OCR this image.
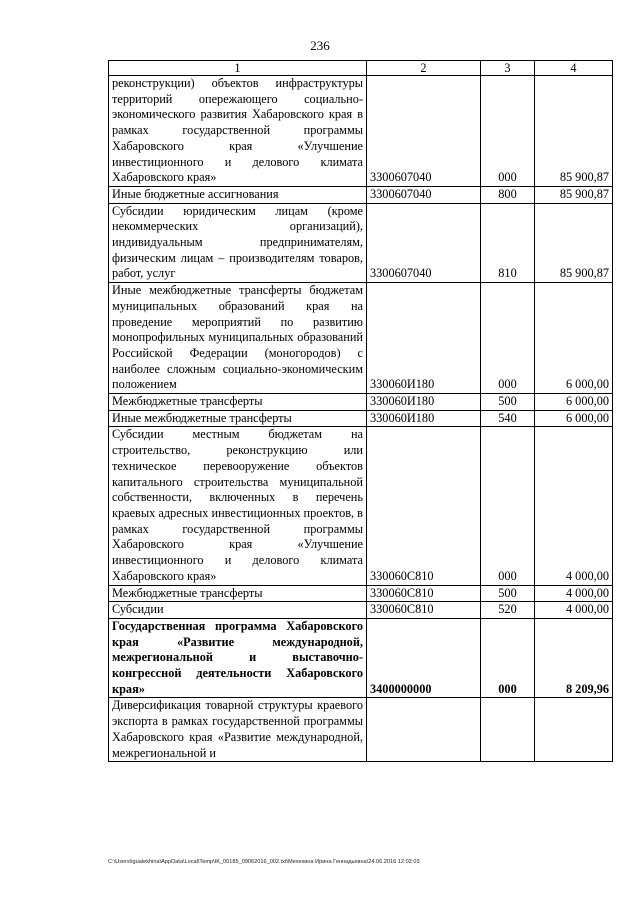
236
1	2	3	4
реконструкции) объектов инфраструктуры территорий опережающего социально-экономического развития Хабаровского края в рамках государственной программы Хабаровского края «Улучшение инвестиционного и делового климата Хабаровского края»	3300607040	000	85 900,87
Иные бюджетные ассигнования	3300607040	800	85 900,87
Субсидии юридическим лицам (кроме некоммерческих организаций), индивидуальным предпринимателям, физическим лицам – производителям товаров, работ, услуг	3300607040	810	85 900,87
Иные межбюджетные трансферты бюджетам муниципальных образований края на проведение мероприятий по развитию монопрофильных муниципальных образований Российской Федерации (моногородов) с наиболее сложным социально-экономическим положением	330060И180	000	6 000,00
Межбюджетные трансферты	330060И180	500	6 000,00
Иные межбюджетные трансферты	330060И180	540	6 000,00
Субсидии местным бюджетам на строительство, реконструкцию или техническое перевооружение объектов капитального строительства муниципальной собственности, включенных в перечень краевых адресных инвестиционных проектов, в рамках государственной программы Хабаровского края «Улучшение инвестиционного и делового климата Хабаровского края»	330060С810	000	4 000,00
Межбюджетные трансферты	330060С810	500	4 000,00
Субсидии	330060С810	520	4 000,00
Государственная программа Хабаровского края «Развитие международной, межрегиональной и выставочно-конгрессной деятельности Хабаровского края»	3400000000	000	8 209,96
Диверсификация товарной структуры краевого экспорта в рамках государственной программы Хабаровского края «Развитие международной, межрегиональной и			
C:\Users\igualekhina\AppData\Local\Temp\IK_00185_09062016_002.txt\Мехехина Ирина Геннадьевна\24.06.2016 12:02:03
